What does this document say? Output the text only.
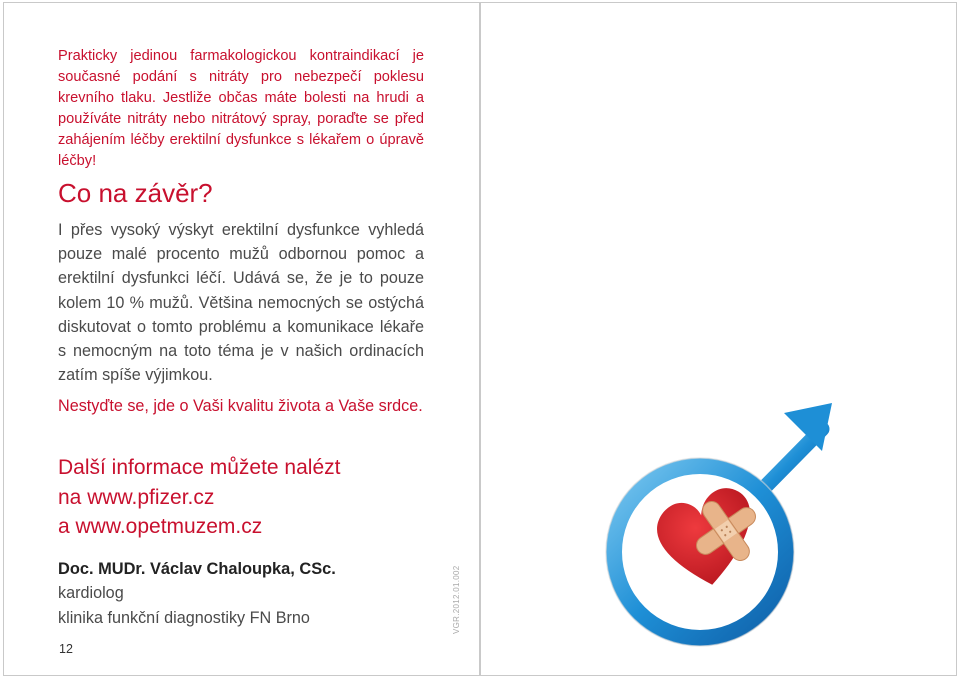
Prakticky jedinou farmakologickou kontraindikací je současné podání s nitráty pro nebezpečí poklesu krevního tlaku. Jestliže občas máte bolesti na hrudi a používáte nitráty nebo nitrátový spray, poraďte se před zahájením léčby erektilní dysfunkce s lékařem o úpravě léčby!

Co na závěr?

I přes vysoký výskyt erektilní dysfunkce vyhledá pouze malé procento mužů odbornou pomoc a erektilní dysfunkci léčí. Udává se, že je to pouze kolem 10 % mužů. Většina nemocných se ostýchá diskutovat o tomto problému a komunikace lékaře s nemocným na toto téma je v našich ordinacích zatím spíše výjimkou.

Nestyďte se, jde o Vaši kvalitu života a Vaše srdce.

Další informace můžete nalézt
na www.pfizer.cz
a www.opetmuzem.cz
Doc. MUDr. Václav Chaloupka, CSc.
kardiolog
klinika funkční diagnostiky FN Brno
12
VGR.2012.01.002
